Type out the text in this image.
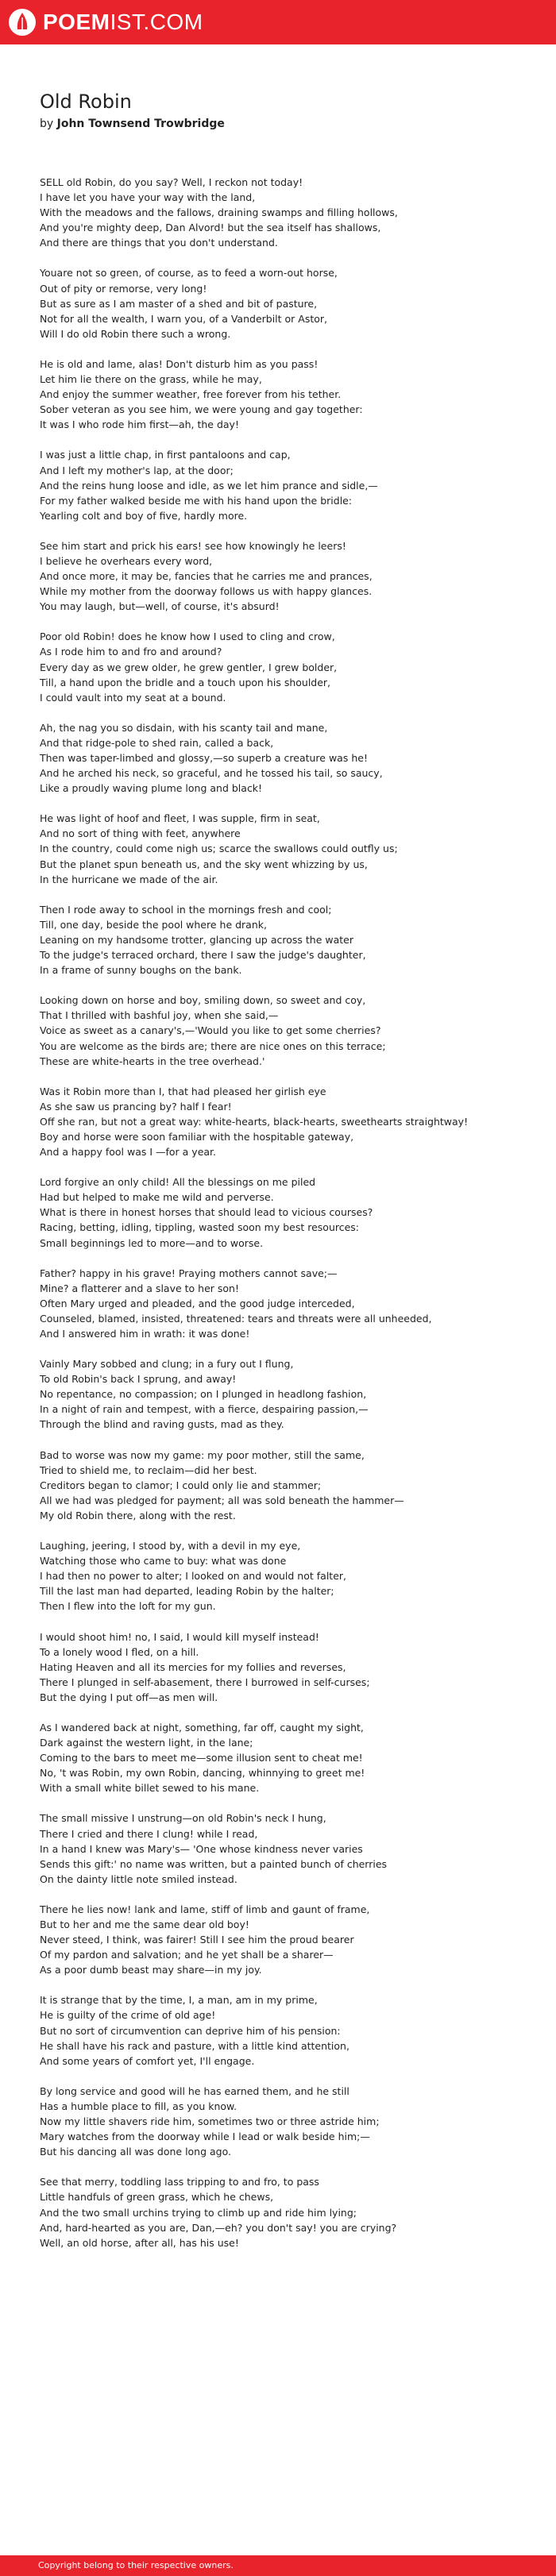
POEMIST.COM
Old Robin
by John Townsend Trowbridge

SELL old Robin, do you say? Well, I reckon not today!
I have let you have your way with the land,
With the meadows and the fallows, draining swamps and filling hollows,
And you're mighty deep, Dan Alvord! but the sea itself has shallows,
And there are things that you don't understand.

Youare not so green, of course, as to feed a worn-out horse,
Out of pity or remorse, very long!
But as sure as I am master of a shed and bit of pasture,
Not for all the wealth, I warn you, of a Vanderbilt or Astor,
Will I do old Robin there such a wrong.

He is old and lame, alas! Don't disturb him as you pass!
Let him lie there on the grass, while he may,
And enjoy the summer weather, free forever from his tether.
Sober veteran as you see him, we were young and gay together:
It was I who rode him first—ah, the day!

I was just a little chap, in first pantaloons and cap,
And I left my mother's lap, at the door;
And the reins hung loose and idle, as we let him prance and sidle,—
For my father walked beside me with his hand upon the bridle:
Yearling colt and boy of five, hardly more.

See him start and prick his ears! see how knowingly he leers!
I believe he overhears every word,
And once more, it may be, fancies that he carries me and prances,
While my mother from the doorway follows us with happy glances.
You may laugh, but—well, of course, it's absurd!

Poor old Robin! does he know how I used to cling and crow,
As I rode him to and fro and around?
Every day as we grew older, he grew gentler, I grew bolder,
Till, a hand upon the bridle and a touch upon his shoulder,
I could vault into my seat at a bound.

Ah, the nag you so disdain, with his scanty tail and mane,
And that ridge-pole to shed rain, called a back,
Then was taper-limbed and glossy,—so superb a creature was he!
And he arched his neck, so graceful, and he tossed his tail, so saucy,
Like a proudly waving plume long and black!

He was light of hoof and fleet, I was supple, firm in seat,
And no sort of thing with feet, anywhere
In the country, could come nigh us; scarce the swallows could outfly us;
But the planet spun beneath us, and the sky went whizzing by us,
In the hurricane we made of the air.

Then I rode away to school in the mornings fresh and cool;
Till, one day, beside the pool where he drank,
Leaning on my handsome trotter, glancing up across the water
To the judge's terraced orchard, there I saw the judge's daughter,
In a frame of sunny boughs on the bank.

Looking down on horse and boy, smiling down, so sweet and coy,
That I thrilled with bashful joy, when she said,—
Voice as sweet as a canary's,—'Would you like to get some cherries?
You are welcome as the birds are; there are nice ones on this terrace;
These are white-hearts in the tree overhead.'

Was it Robin more than I, that had pleased her girlish eye
As she saw us prancing by? half I fear!
Off she ran, but not a great way: white-hearts, black-hearts, sweethearts straightway!
Boy and horse were soon familiar with the hospitable gateway,
And a happy fool was I —for a year.

Lord forgive an only child! All the blessings on me piled
Had but helped to make me wild and perverse.
What is there in honest horses that should lead to vicious courses?
Racing, betting, idling, tippling, wasted soon my best resources:
Small beginnings led to more—and to worse.

Father? happy in his grave! Praying mothers cannot save;—
Mine? a flatterer and a slave to her son!
Often Mary urged and pleaded, and the good judge interceded,
Counseled, blamed, insisted, threatened: tears and threats were all unheeded,
And I answered him in wrath: it was done!

Vainly Mary sobbed and clung; in a fury out I flung,
To old Robin's back I sprung, and away!
No repentance, no compassion; on I plunged in headlong fashion,
In a night of rain and tempest, with a fierce, despairing passion,—
Through the blind and raving gusts, mad as they.

Bad to worse was now my game: my poor mother, still the same,
Tried to shield me, to reclaim—did her best.
Creditors began to clamor; I could only lie and stammer;
All we had was pledged for payment; all was sold beneath the hammer—
My old Robin there, along with the rest.

Laughing, jeering, I stood by, with a devil in my eye,
Watching those who came to buy: what was done
I had then no power to alter; I looked on and would not falter,
Till the last man had departed, leading Robin by the halter;
Then I flew into the loft for my gun.

I would shoot him! no, I said, I would kill myself instead!
To a lonely wood I fled, on a hill.
Hating Heaven and all its mercies for my follies and reverses,
There I plunged in self-abasement, there I burrowed in self-curses;
But the dying I put off—as men will.

As I wandered back at night, something, far off, caught my sight,
Dark against the western light, in the lane;
Coming to the bars to meet me—some illusion sent to cheat me!
No, 't was Robin, my own Robin, dancing, whinnying to greet me!
With a small white billet sewed to his mane.

The small missive I unstrung—on old Robin's neck I hung,
There I cried and there I clung! while I read,
In a hand I knew was Mary's— 'One whose kindness never varies
Sends this gift:' no name was written, but a painted bunch of cherries
On the dainty little note smiled instead.

There he lies now! lank and lame, stiff of limb and gaunt of frame,
But to her and me the same dear old boy!
Never steed, I think, was fairer! Still I see him the proud bearer
Of my pardon and salvation; and he yet shall be a sharer—
As a poor dumb beast may share—in my joy.

It is strange that by the time, I, a man, am in my prime,
He is guilty of the crime of old age!
But no sort of circumvention can deprive him of his pension:
He shall have his rack and pasture, with a little kind attention,
And some years of comfort yet, I'll engage.

By long service and good will he has earned them, and he still
Has a humble place to fill, as you know.
Now my little shavers ride him, sometimes two or three astride him;
Mary watches from the doorway while I lead or walk beside him;—
But his dancing all was done long ago.

See that merry, toddling lass tripping to and fro, to pass
Little handfuls of green grass, which he chews,
And the two small urchins trying to climb up and ride him lying;
And, hard-hearted as you are, Dan,—eh? you don't say! you are crying?
Well, an old horse, after all, has his use!

Copyright belong to their respective owners.
